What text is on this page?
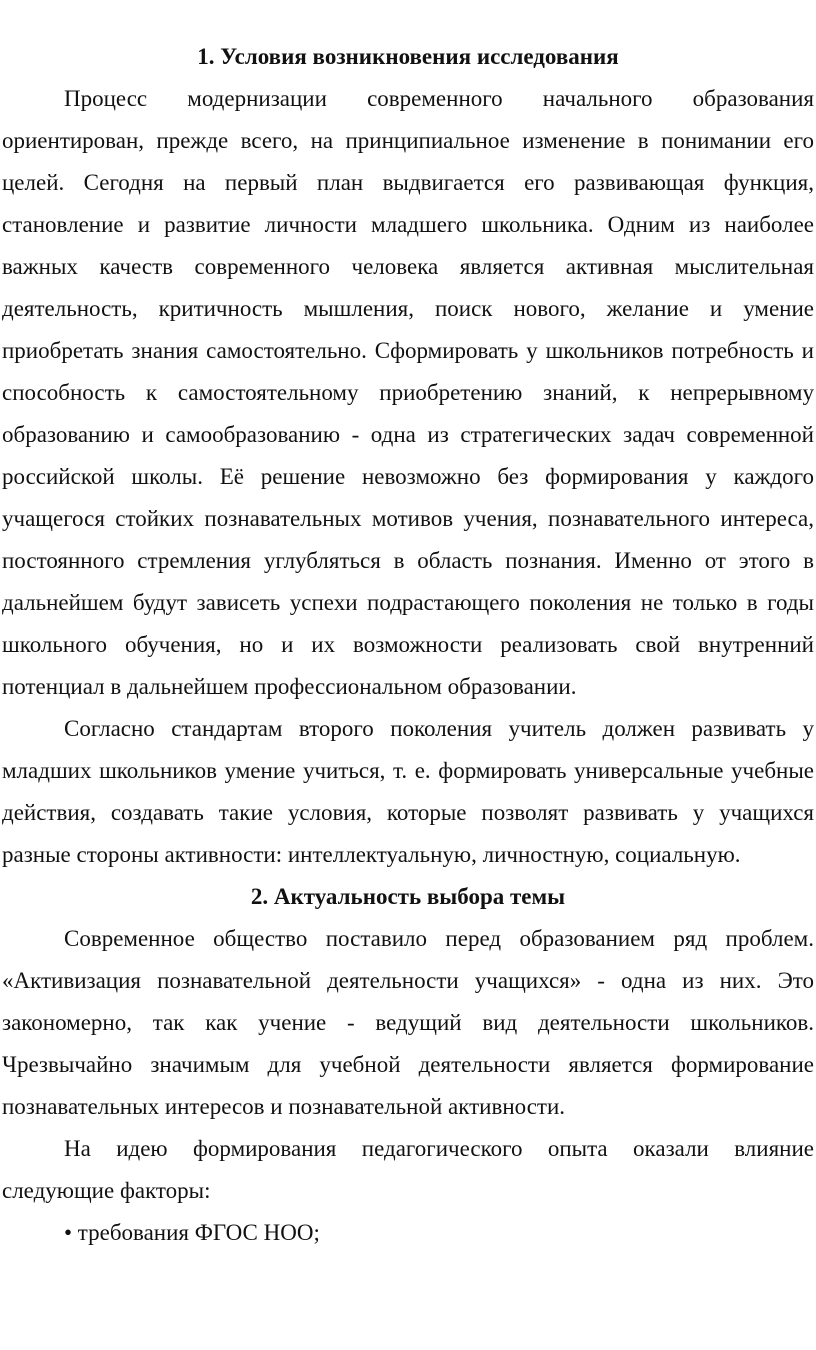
1. Условия возникновения исследования

Процесс модернизации современного начального образования ориентирован, прежде всего, на принципиальное изменение в понимании его целей. Сегодня на первый план выдвигается его развивающая функция, становление и развитие личности младшего школьника. Одним из наиболее важных качеств современного человека является активная мыслительная деятельность, критичность мышления, поиск нового, желание и умение приобретать знания самостоятельно. Сформировать у школьников потребность и способность к самостоятельному приобретению знаний, к непрерывному образованию и самообразованию - одна из стратегических задач современной российской школы. Её решение невозможно без формирования у каждого учащегося стойких познавательных мотивов учения, познавательного интереса, постоянного стремления углубляться в область познания. Именно от этого в дальнейшем будут зависеть успехи подрастающего поколения не только в годы школьного обучения, но и их возможности реализовать свой внутренний потенциал в дальнейшем профессиональном образовании.

Согласно стандартам второго поколения учитель должен развивать у младших школьников умение учиться, т. е. формировать универсальные учебные действия, создавать такие условия, которые позволят развивать у учащихся разные стороны активности: интеллектуальную, личностную, социальную.

2. Актуальность выбора темы

Современное общество поставило перед образованием ряд проблем. «Активизация познавательной деятельности учащихся» - одна из них. Это закономерно, так как учение - ведущий вид деятельности школьников. Чрезвычайно значимым для учебной деятельности является формирование познавательных интересов и познавательной активности.

На идею формирования педагогического опыта оказали влияние следующие факторы:

• требования ФГОС НОО;
